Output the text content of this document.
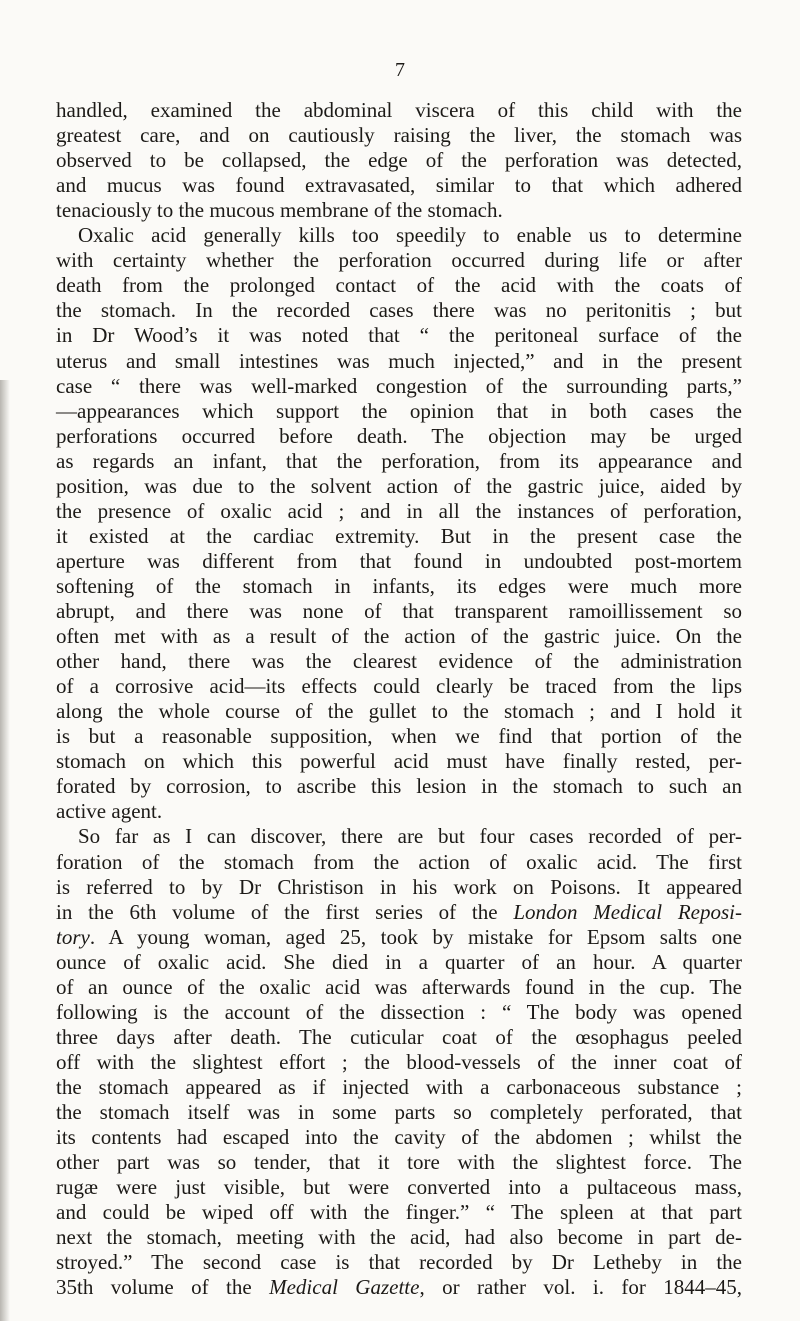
7
handled, examined the abdominal viscera of this child with the
greatest care, and on cautiously raising the liver, the stomach was
observed to be collapsed, the edge of the perforation was detected,
and mucus was found extravasated, similar to that which adhered
tenaciously to the mucous membrane of the stomach.
Oxalic acid generally kills too speedily to enable us to determine
with certainty whether the perforation occurred during life or after
death from the prolonged contact of the acid with the coats of
the stomach. In the recorded cases there was no peritonitis ; but
in Dr Wood’s it was noted that “ the peritoneal surface of the
uterus and small intestines was much injected,” and in the present
case “ there was well-marked congestion of the surrounding parts,”
—appearances which support the opinion that in both cases the
perforations occurred before death. The objection may be urged
as regards an infant, that the perforation, from its appearance and
position, was due to the solvent action of the gastric juice, aided by
the presence of oxalic acid ; and in all the instances of perforation,
it existed at the cardiac extremity. But in the present case the
aperture was different from that found in undoubted post-mortem
softening of the stomach in infants, its edges were much more
abrupt, and there was none of that transparent ramoillissement so
often met with as a result of the action of the gastric juice. On the
other hand, there was the clearest evidence of the administration
of a corrosive acid—its effects could clearly be traced from the lips
along the whole course of the gullet to the stomach ; and I hold it
is but a reasonable supposition, when we find that portion of the
stomach on which this powerful acid must have finally rested, per-
forated by corrosion, to ascribe this lesion in the stomach to such an
active agent.
So far as I can discover, there are but four cases recorded of per-
foration of the stomach from the action of oxalic acid. The first
is referred to by Dr Christison in his work on Poisons. It appeared
in the 6th volume of the first series of the London Medical Reposi-
tory. A young woman, aged 25, took by mistake for Epsom salts one
ounce of oxalic acid. She died in a quarter of an hour. A quarter
of an ounce of the oxalic acid was afterwards found in the cup. The
following is the account of the dissection : “ The body was opened
three days after death. The cuticular coat of the œsophagus peeled
off with the slightest effort ; the blood-vessels of the inner coat of
the stomach appeared as if injected with a carbonaceous substance ;
the stomach itself was in some parts so completely perforated, that
its contents had escaped into the cavity of the abdomen ; whilst the
other part was so tender, that it tore with the slightest force. The
rugæ were just visible, but were converted into a pultaceous mass,
and could be wiped off with the finger.” “ The spleen at that part
next the stomach, meeting with the acid, had also become in part de-
stroyed.” The second case is that recorded by Dr Letheby in the
35th volume of the Medical Gazette, or rather vol. i. for 1844–45,
